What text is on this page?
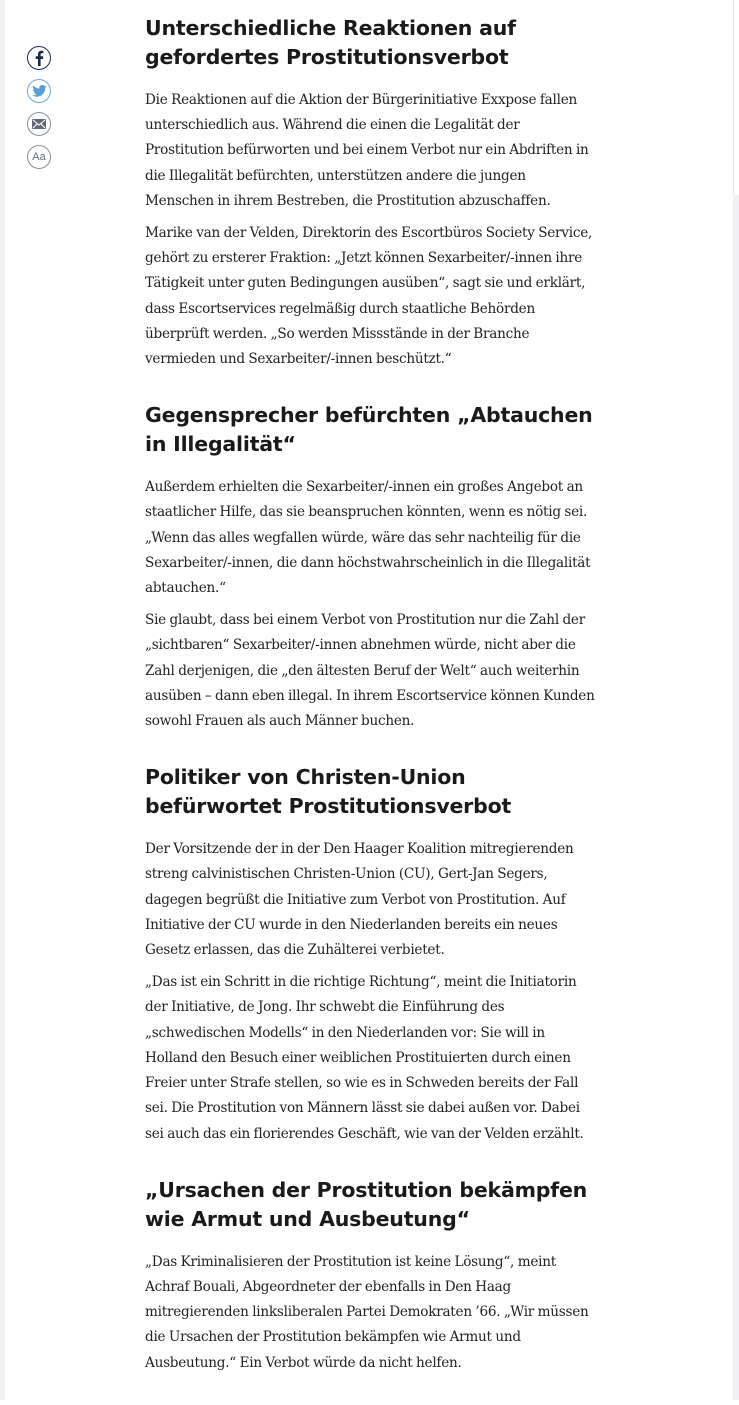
Aa
Unterschiedliche Reaktionen auf gefordertes Prostitutionsverbot

Die Reaktionen auf die Aktion der Bürgerinitiative Exxpose fallen unterschiedlich aus. Während die einen die Legalität der Prostitution befürworten und bei einem Verbot nur ein Abdriften in die Illegalität befürchten, unterstützen andere die jungen Menschen in ihrem Bestreben, die Prostitution abzuschaffen.

Marike van der Velden, Direktorin des Escortbüros Society Service, gehört zu ersterer Fraktion: „Jetzt können Sexarbeiter/-innen ihre Tätigkeit unter guten Bedingungen ausüben“, sagt sie und erklärt, dass Escortservices regelmäßig durch staatliche Behörden überprüft werden. „So werden Missstände in der Branche vermieden und Sexarbeiter/-innen beschützt.“

Gegensprecher befürchten „Abtauchen in Illegalität“

Außerdem erhielten die Sexarbeiter/-innen ein großes Angebot an staatlicher Hilfe, das sie beanspruchen könnten, wenn es nötig sei. „Wenn das alles wegfallen würde, wäre das sehr nachteilig für die Sexarbeiter/-innen, die dann höchstwahrscheinlich in die Illegalität abtauchen.“

Sie glaubt, dass bei einem Verbot von Prostitution nur die Zahl der „sichtbaren“ Sexarbeiter/-innen abnehmen würde, nicht aber die Zahl derjenigen, die „den ältesten Beruf der Welt“ auch weiterhin ausüben – dann eben illegal. In ihrem Escortservice können Kunden sowohl Frauen als auch Männer buchen.

Politiker von Christen-Union befürwortet Prostitutionsverbot

Der Vorsitzende der in der Den Haager Koalition mitregierenden streng calvinistischen Christen-Union (CU), Gert-Jan Segers, dagegen begrüßt die Initiative zum Verbot von Prostitution. Auf Initiative der CU wurde in den Niederlanden bereits ein neues Gesetz erlassen, das die Zuhälterei verbietet.

„Das ist ein Schritt in die richtige Richtung“, meint die Initiatorin der Initiative, de Jong. Ihr schwebt die Einführung des „schwedischen Modells“ in den Niederlanden vor: Sie will in Holland den Besuch einer weiblichen Prostituierten durch einen Freier unter Strafe stellen, so wie es in Schweden bereits der Fall sei. Die Prostitution von Männern lässt sie dabei außen vor. Dabei sei auch das ein florierendes Geschäft, wie van der Velden erzählt.

„Ursachen der Prostitution bekämpfen wie Armut und Ausbeutung“

„Das Kriminalisieren der Prostitution ist keine Lösung“, meint Achraf Bouali, Abgeordneter der ebenfalls in Den Haag mitregierenden linksliberalen Partei Demokraten ’66. „Wir müssen die Ursachen der Prostitution bekämpfen wie Armut und Ausbeutung.“ Ein Verbot würde da nicht helfen.
